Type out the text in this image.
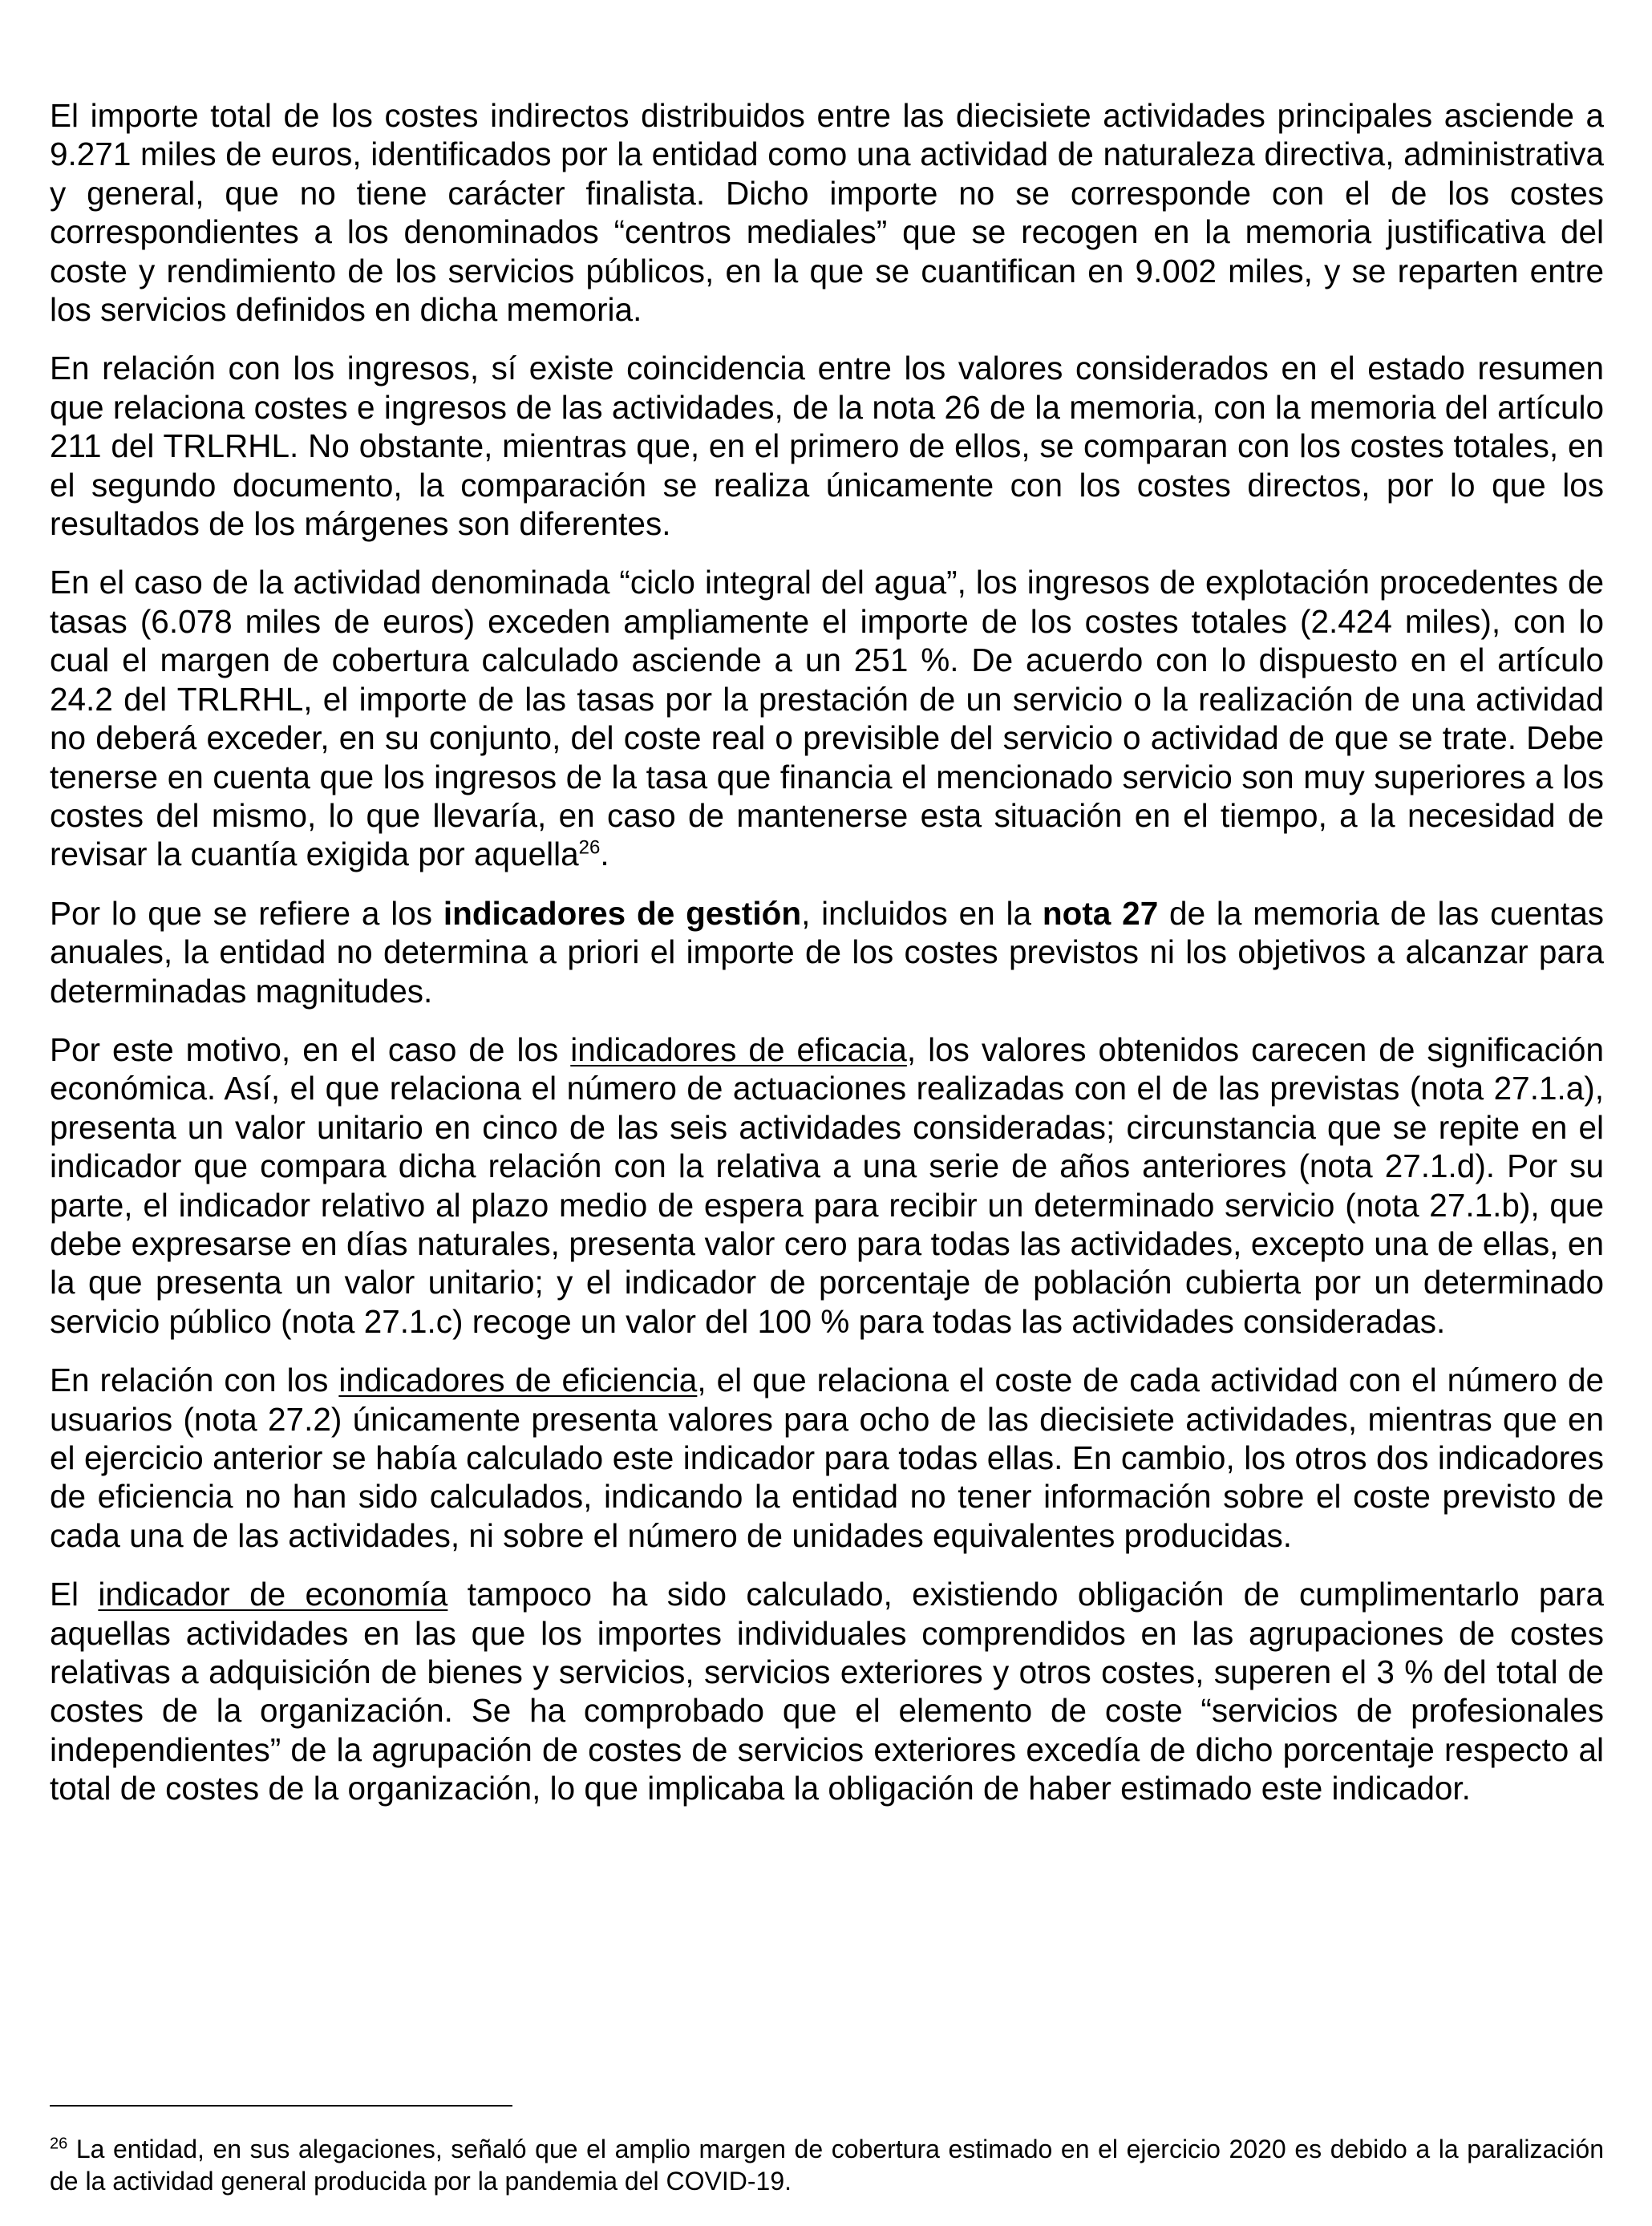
El importe total de los costes indirectos distribuidos entre las diecisiete actividades principales asciende a 9.271 miles de euros, identificados por la entidad como una actividad de naturaleza directiva, administrativa y general, que no tiene carácter finalista. Dicho importe no se corresponde con el de los costes correspondientes a los denominados “centros mediales” que se recogen en la memoria justificativa del coste y rendimiento de los servicios públicos, en la que se cuantifican en 9.002 miles, y se reparten entre los servicios definidos en dicha memoria.

En relación con los ingresos, sí existe coincidencia entre los valores considerados en el estado resumen que relaciona costes e ingresos de las actividades, de la nota 26 de la memoria, con la memoria del artículo 211 del TRLRHL. No obstante, mientras que, en el primero de ellos, se comparan con los costes totales, en el segundo documento, la comparación se realiza únicamente con los costes directos, por lo que los resultados de los márgenes son diferentes.

En el caso de la actividad denominada “ciclo integral del agua”, los ingresos de explotación procedentes de tasas (6.078 miles de euros) exceden ampliamente el importe de los costes totales (2.424 miles), con lo cual el margen de cobertura calculado asciende a un 251 %. De acuerdo con lo dispuesto en el artículo 24.2 del TRLRHL, el importe de las tasas por la prestación de un servicio o la realización de una actividad no deberá exceder, en su conjunto, del coste real o previsible del servicio o actividad de que se trate. Debe tenerse en cuenta que los ingresos de la tasa que financia el mencionado servicio son muy superiores a los costes del mismo, lo que llevaría, en caso de mantenerse esta situación en el tiempo, a la necesidad de revisar la cuantía exigida por aquella$^{26}$.

Por lo que se refiere a los indicadores de gestión, incluidos en la nota 27 de la memoria de las cuentas anuales, la entidad no determina a priori el importe de los costes previstos ni los objetivos a alcanzar para determinadas magnitudes.

Por este motivo, en el caso de los indicadores de eficacia, los valores obtenidos carecen de significación económica. Así, el que relaciona el número de actuaciones realizadas con el de las previstas (nota 27.1.a), presenta un valor unitario en cinco de las seis actividades consideradas; circunstancia que se repite en el indicador que compara dicha relación con la relativa a una serie de años anteriores (nota 27.1.d). Por su parte, el indicador relativo al plazo medio de espera para recibir un determinado servicio (nota 27.1.b), que debe expresarse en días naturales, presenta valor cero para todas las actividades, excepto una de ellas, en la que presenta un valor unitario; y el indicador de porcentaje de población cubierta por un determinado servicio público (nota 27.1.c) recoge un valor del 100 % para todas las actividades consideradas.

En relación con los indicadores de eficiencia, el que relaciona el coste de cada actividad con el número de usuarios (nota 27.2) únicamente presenta valores para ocho de las diecisiete actividades, mientras que en el ejercicio anterior se había calculado este indicador para todas ellas. En cambio, los otros dos indicadores de eficiencia no han sido calculados, indicando la entidad no tener información sobre el coste previsto de cada una de las actividades, ni sobre el número de unidades equivalentes producidas.

El indicador de economía tampoco ha sido calculado, existiendo obligación de cumplimentarlo para aquellas actividades en las que los importes individuales comprendidos en las agrupaciones de costes relativas a adquisición de bienes y servicios, servicios exteriores y otros costes, superen el 3 % del total de costes de la organización. Se ha comprobado que el elemento de coste “servicios de profesionales independientes” de la agrupación de costes de servicios exteriores excedía de dicho porcentaje respecto al total de costes de la organización, lo que implicaba la obligación de haber estimado este indicador.

$^{26}$ La entidad, en sus alegaciones, señaló que el amplio margen de cobertura estimado en el ejercicio 2020 es debido a la paralización de la actividad general producida por la pandemia del COVID-19.
